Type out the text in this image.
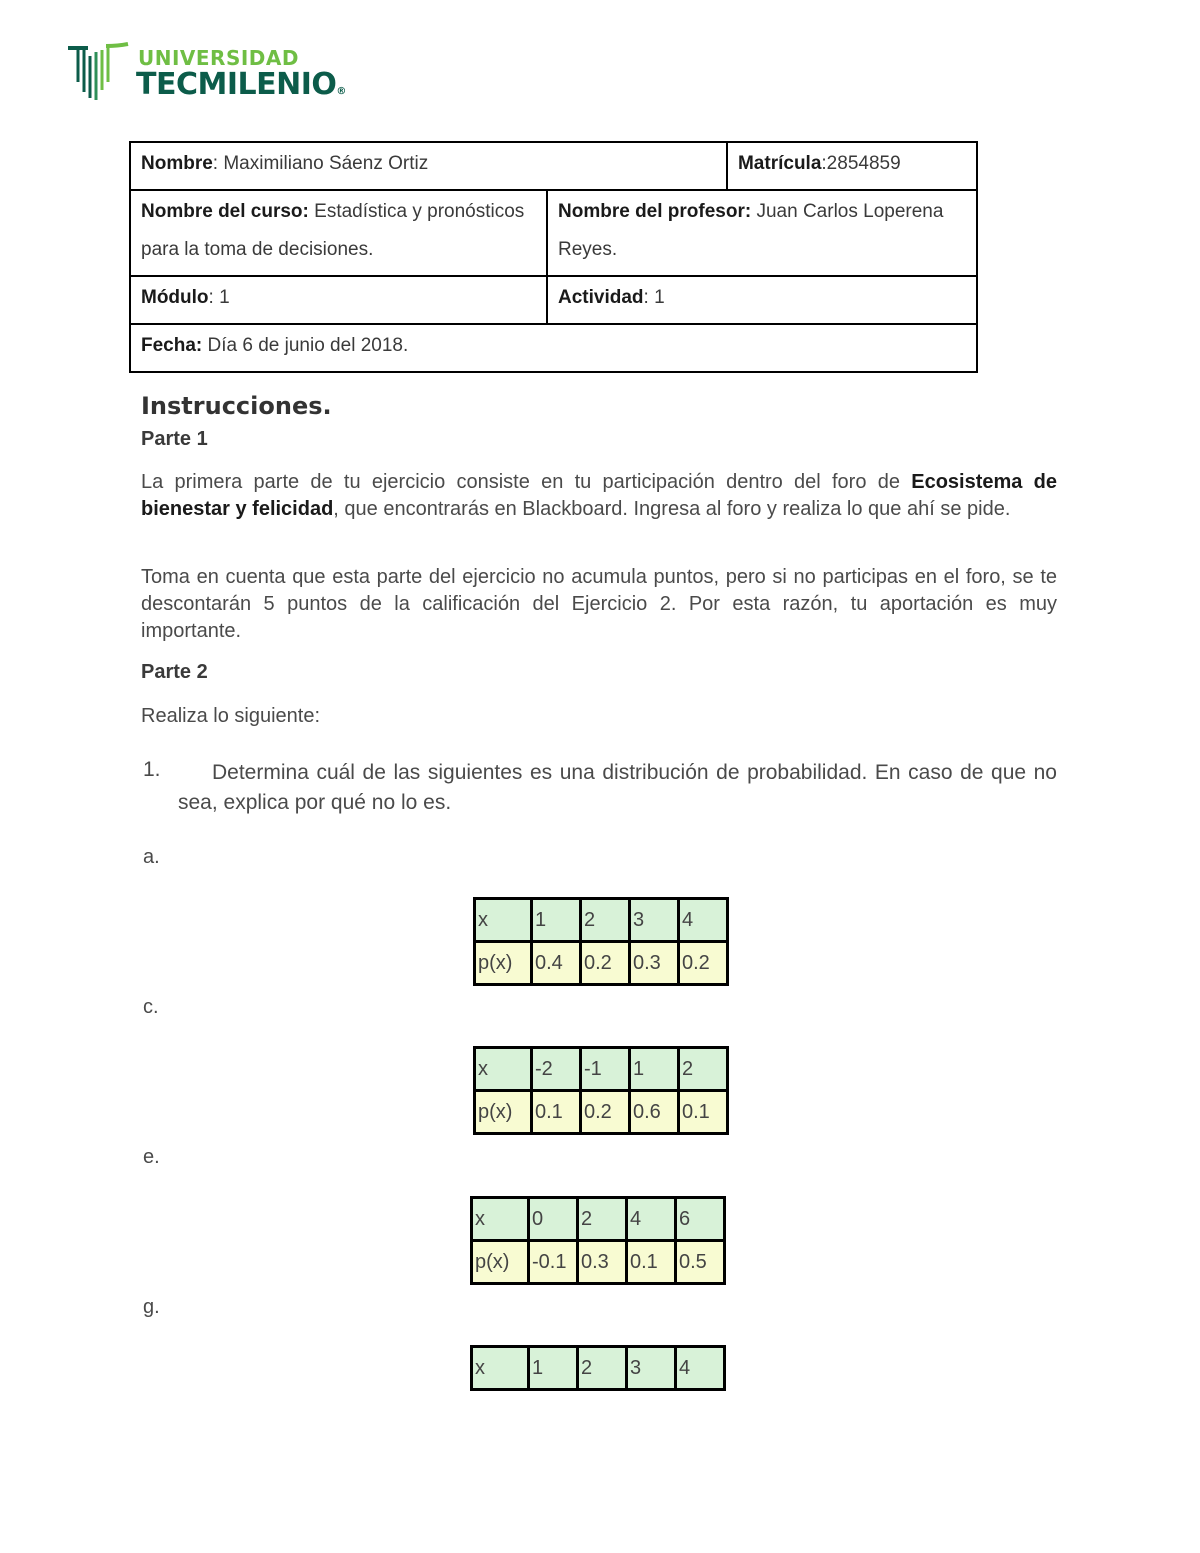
UNIVERSIDAD
TECMILENIO®
Nombre: Maximiliano Sáenz Ortiz		Matrícula:2854859
Nombre del curso: Estadística y pronósticos para la toma de decisiones.	Nombre del profesor: Juan Carlos Loperena Reyes.	
Módulo: 1	Actividad: 1	
Fecha: Día 6 de junio del 2018.		
Instrucciones.
Parte 1
La primera parte de tu ejercicio consiste en tu participación dentro del foro de Ecosistema de bienestar y felicidad, que encontrarás en Blackboard. Ingresa al foro y realiza lo que ahí se pide.
Toma en cuenta que esta parte del ejercicio no acumula puntos, pero si no participas en el foro, se te descontarán 5 puntos de la calificación del Ejercicio 2. Por esta razón, tu aportación es muy importante.
Parte 2
Realiza lo siguiente:
1.	Determina cuál de las siguientes es una distribución de probabilidad. En caso de que no sea, explica por qué no lo es.
a.
x	1	2	3	4
p(x)	0.4	0.2	0.3	0.2
c.
x	-2	-1	1	2
p(x)	0.1	0.2	0.6	0.1
e.
x	0	2	4	6
p(x)	-0.1	0.3	0.1	0.5
g.
x	1	2	3	4
